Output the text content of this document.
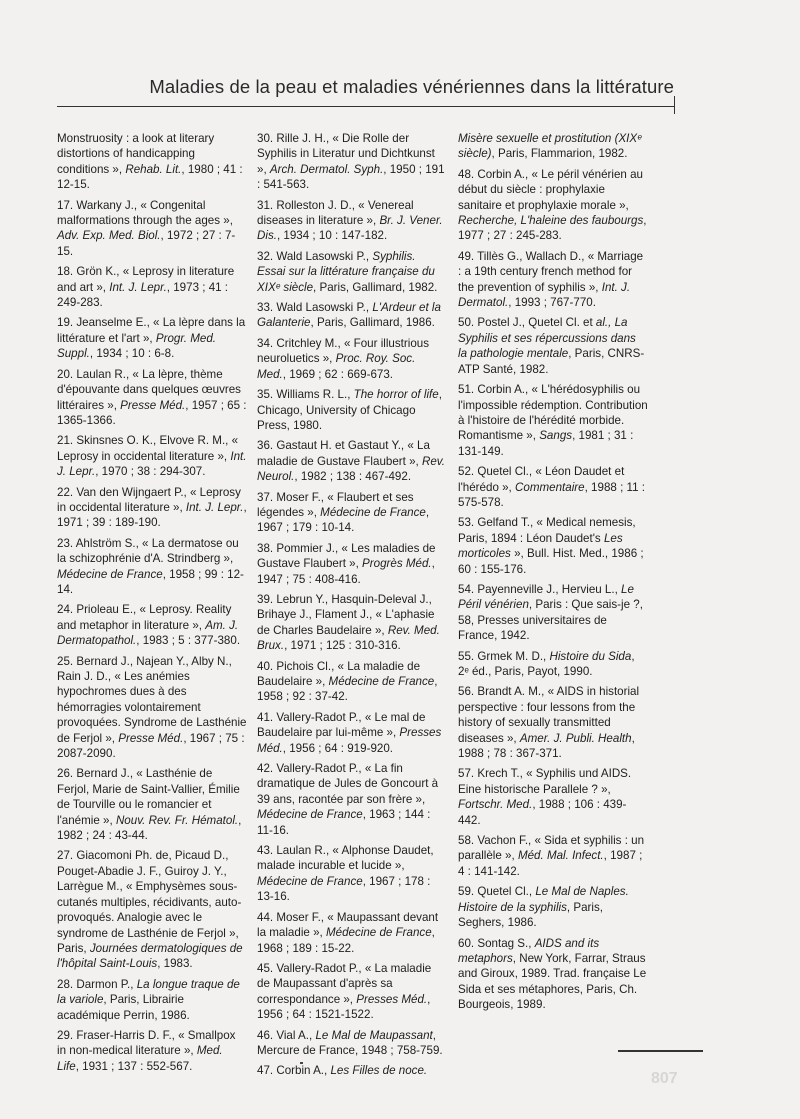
Maladies de la peau et maladies vénériennes dans la littérature
Monstruosity : a look at literary distortions of handicapping conditions », Rehab. Lit., 1980 ; 41 : 12-15.
17. Warkany J., « Congenital malformations through the ages », Adv. Exp. Med. Biol., 1972 ; 27 : 7-15.
18. Grön K., « Leprosy in literature and art », Int. J. Lepr., 1973 ; 41 : 249-283.
19. Jeanselme E., « La lèpre dans la littérature et l'art », Progr. Med. Suppl., 1934 ; 10 : 6-8.
20. Laulan R., « La lèpre, thème d'épouvante dans quelques œuvres littéraires », Presse Méd., 1957 ; 65 : 1365-1366.
21. Skinsnes O. K., Elvove R. M., « Leprosy in occidental literature », Int. J. Lepr., 1970 ; 38 : 294-307.
22. Van den Wijngaert P., « Leprosy in occidental literature », Int. J. Lepr., 1971 ; 39 : 189-190.
23. Ahlström S., « La dermatose ou la schizophrénie d'A. Strindberg », Médecine de France, 1958 ; 99 : 12-14.
24. Prioleau E., « Leprosy. Reality and metaphor in literature », Am. J. Dermatopathol., 1983 ; 5 : 377-380.
25. Bernard J., Najean Y., Alby N., Rain J. D., « Les anémies hypochromes dues à des hémorragies volontairement provoquées. Syndrome de Lasthénie de Ferjol », Presse Méd., 1967 ; 75 : 2087-2090.
26. Bernard J., « Lasthénie de Ferjol, Marie de Saint-Vallier, Émilie de Tourville ou le romancier et l'anémie », Nouv. Rev. Fr. Hématol., 1982 ; 24 : 43-44.
27. Giacomoni Ph. de, Picaud D., Pouget-Abadie J. F., Guiroy J. Y., Larrègue M., « Emphysèmes sous-cutanés multiples, récidivants, auto-provoqués. Analogie avec le syndrome de Lasthénie de Ferjol », Paris, Journées dermatologiques de l'hôpital Saint-Louis, 1983.
28. Darmon P., La longue traque de la variole, Paris, Librairie académique Perrin, 1986.
29. Fraser-Harris D. F., « Smallpox in non-medical literature », Med. Life, 1931 ; 137 : 552-567.
30. Rille J. H., « Die Rolle der Syphilis in Literatur und Dichtkunst », Arch. Dermatol. Syph., 1950 ; 191 : 541-563.
31. Rolleston J. D., « Venereal diseases in literature », Br. J. Vener. Dis., 1934 ; 10 : 147-182.
32. Wald Lasowski P., Syphilis. Essai sur la littérature française du XIXᵉ siècle, Paris, Gallimard, 1982.
33. Wald Lasowski P., L'Ardeur et la Galanterie, Paris, Gallimard, 1986.
34. Critchley M., « Four illustrious neuroluetics », Proc. Roy. Soc. Med., 1969 ; 62 : 669-673.
35. Williams R. L., The horror of life, Chicago, University of Chicago Press, 1980.
36. Gastaut H. et Gastaut Y., « La maladie de Gustave Flaubert », Rev. Neurol., 1982 ; 138 : 467-492.
37. Moser F., « Flaubert et ses légendes », Médecine de France, 1967 ; 179 : 10-14.
38. Pommier J., « Les maladies de Gustave Flaubert », Progrès Méd., 1947 ; 75 : 408-416.
39. Lebrun Y., Hasquin-Deleval J., Brihaye J., Flament J., « L'aphasie de Charles Baudelaire », Rev. Med. Brux., 1971 ; 125 : 310-316.
40. Pichois Cl., « La maladie de Baudelaire », Médecine de France, 1958 ; 92 : 37-42.
41. Vallery-Radot P., « Le mal de Baudelaire par lui-même », Presses Méd., 1956 ; 64 : 919-920.
42. Vallery-Radot P., « La fin dramatique de Jules de Goncourt à 39 ans, racontée par son frère », Médecine de France, 1963 ; 144 : 11-16.
43. Laulan R., « Alphonse Daudet, malade incurable et lucide », Médecine de France, 1967 ; 178 : 13-16.
44. Moser F., « Maupassant devant la maladie », Médecine de France, 1968 ; 189 : 15-22.
45. Vallery-Radot P., « La maladie de Maupassant d'après sa correspondance », Presses Méd., 1956 ; 64 : 1521-1522.
46. Vial A., Le Mal de Maupassant, Mercure de France, 1948 ; 758-759.
47. Corbin A., Les Filles de noce.
Misère sexuelle et prostitution (XIXᵉ siècle), Paris, Flammarion, 1982.
48. Corbin A., « Le péril vénérien au début du siècle : prophylaxie sanitaire et prophylaxie morale », Recherche, L'haleine des faubourgs, 1977 ; 27 : 245-283.
49. Tillès G., Wallach D., « Marriage : a 19th century french method for the prevention of syphilis », Int. J. Dermatol., 1993 ; 767-770.
50. Postel J., Quetel Cl. et al., La Syphilis et ses répercussions dans la pathologie mentale, Paris, CNRS-ATP Santé, 1982.
51. Corbin A., « L'hérédosyphilis ou l'impossible rédemption. Contribution à l'histoire de l'hérédité morbide. Romantisme », Sangs, 1981 ; 31 : 131-149.
52. Quetel Cl., « Léon Daudet et l'hérédo », Commentaire, 1988 ; 11 : 575-578.
53. Gelfand T., « Medical nemesis, Paris, 1894 : Léon Daudet's Les morticoles », Bull. Hist. Med., 1986 ; 60 : 155-176.
54. Payenneville J., Hervieu L., Le Péril vénérien, Paris : Que sais-je ?, 58, Presses universitaires de France, 1942.
55. Grmek M. D., Histoire du Sida, 2ᵉ éd., Paris, Payot, 1990.
56. Brandt A. M., « AIDS in historial perspective : four lessons from the history of sexually transmitted diseases », Amer. J. Publi. Health, 1988 ; 78 : 367-371.
57. Krech T., « Syphilis und AIDS. Eine historische Parallele ? », Fortschr. Med., 1988 ; 106 : 439-442.
58. Vachon F., « Sida et syphilis : un parallèle », Méd. Mal. Infect., 1987 ; 4 : 141-142.
59. Quetel Cl., Le Mal de Naples. Histoire de la syphilis, Paris, Seghers, 1986.
60. Sontag S., AIDS and its metaphors, New York, Farrar, Straus and Giroux, 1989. Trad. française Le Sida et ses métaphores, Paris, Ch. Bourgeois, 1989.
807
